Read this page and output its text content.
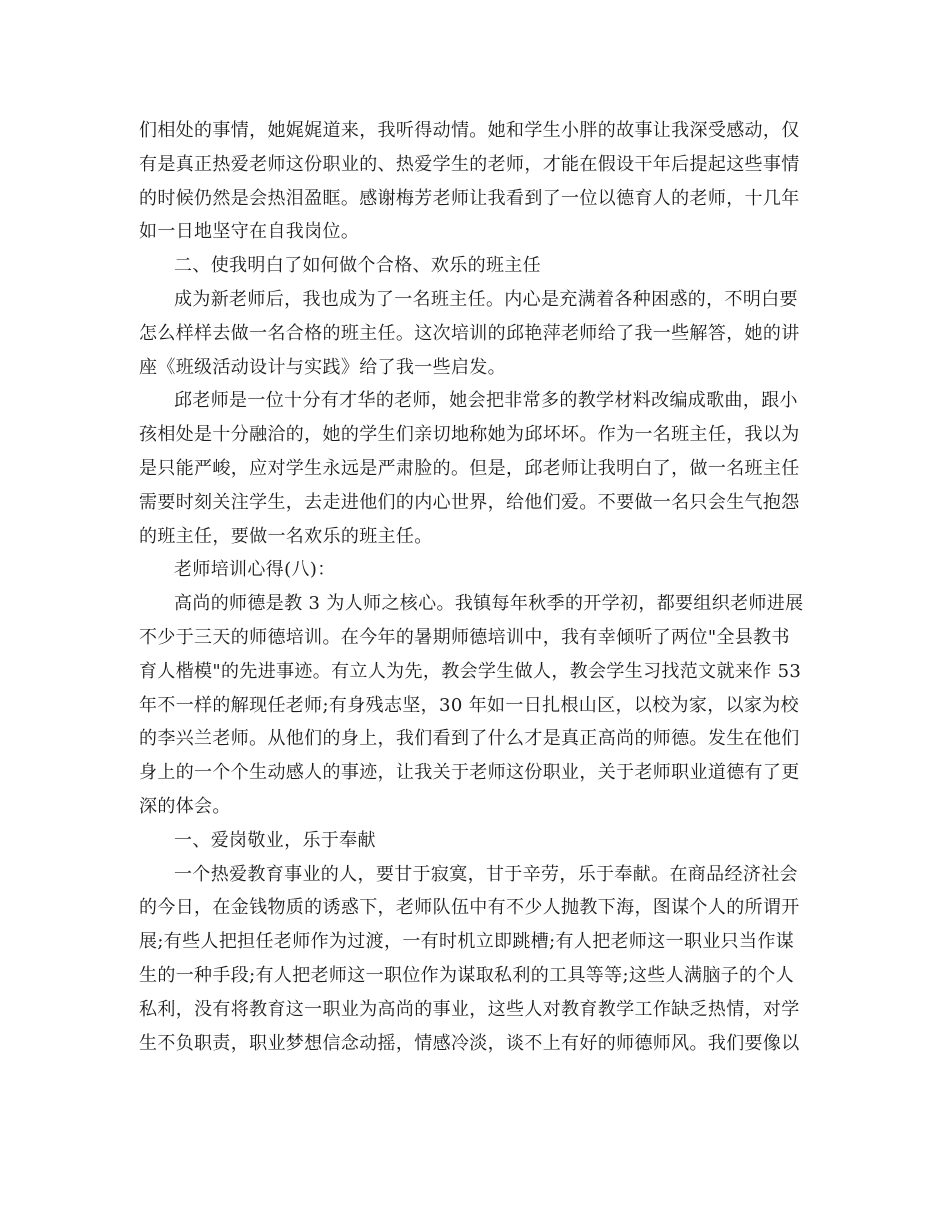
们相处的事情，她娓娓道来，我听得动情。她和学生小胖的故事让我深受感动，仅
有是真正热爱老师这份职业的、热爱学生的老师，才能在假设干年后提起这些事情
的时候仍然是会热泪盈眶。感谢梅芳老师让我看到了一位以德育人的老师，十几年
如一日地坚守在自我岗位。
二、使我明白了如何做个合格、欢乐的班主任
成为新老师后，我也成为了一名班主任。内心是充满着各种困惑的，不明白要
怎么样样去做一名合格的班主任。这次培训的邱艳萍老师给了我一些解答，她的讲
座《班级活动设计与实践》给了我一些启发。
邱老师是一位十分有才华的老师，她会把非常多的教学材料改编成歌曲，跟小
孩相处是十分融洽的，她的学生们亲切地称她为邱坏坏。作为一名班主任，我以为
是只能严峻，应对学生永远是严肃脸的。但是，邱老师让我明白了，做一名班主任
需要时刻关注学生，去走进他们的内心世界，给他们爱。不要做一名只会生气抱怨
的班主任，要做一名欢乐的班主任。
老师培训心得(八)：
高尚的师德是教 3 为人师之核心。我镇每年秋季的开学初，都要组织老师进展
不少于三天的师德培训。在今年的暑期师德培训中，我有幸倾听了两位"全县教书
育人楷模"的先进事迹。有立人为先，教会学生做人，教会学生习找范文就来作 53
年不一样的解现任老师;有身残志坚，30 年如一日扎根山区，以校为家，以家为校
的李兴兰老师。从他们的身上，我们看到了什么才是真正高尚的师德。发生在他们
身上的一个个生动感人的事迹，让我关于老师这份职业，关于老师职业道德有了更
深的体会。
一、爱岗敬业，乐于奉献
一个热爱教育事业的人，要甘于寂寞，甘于辛劳，乐于奉献。在商品经济社会
的今日，在金钱物质的诱惑下，老师队伍中有不少人抛教下海，图谋个人的所谓开
展;有些人把担任老师作为过渡，一有时机立即跳槽;有人把老师这一职业只当作谋
生的一种手段;有人把老师这一职位作为谋取私利的工具等等;这些人满脑子的个人
私利，没有将教育这一职业为高尚的事业，这些人对教育教学工作缺乏热情，对学
生不负职责，职业梦想信念动摇，情感冷淡，谈不上有好的师德师风。我们要像以
